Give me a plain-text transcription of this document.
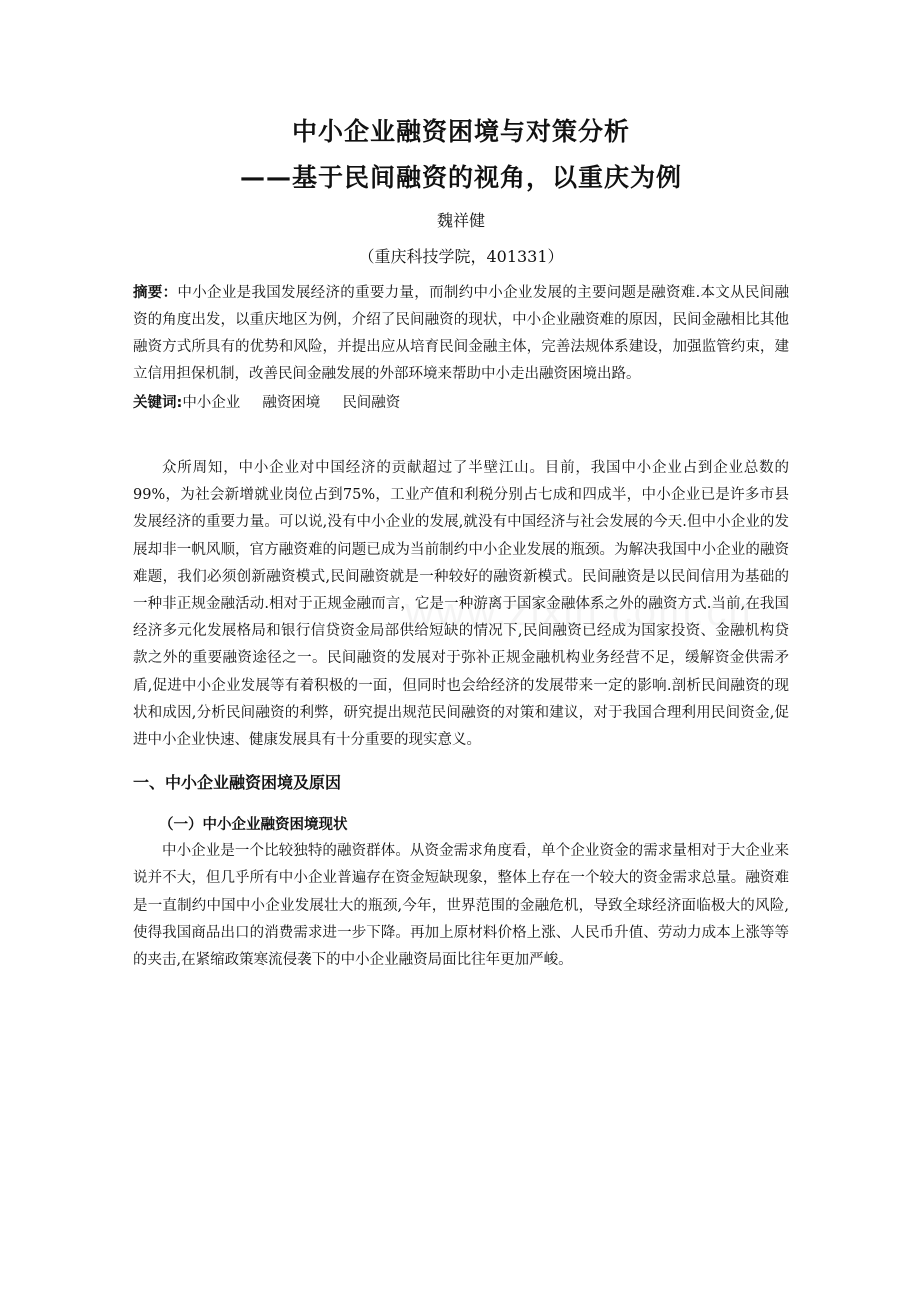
中小企业融资困境与对策分析
——基于民间融资的视角，以重庆为例
魏祥健
（重庆科技学院，401331）

摘要：中小企业是我国发展经济的重要力量，而制约中小企业发展的主要问题是融资难.本文从民间融资的角度出发，以重庆地区为例，介绍了民间融资的现状，中小企业融资难的原因，民间金融相比其他融资方式所具有的优势和风险，并提出应从培育民间金融主体，完善法规体系建设，加强监管约束，建立信用担保机制，改善民间金融发展的外部环境来帮助中小走出融资困境出路。

关键词:中小企业 融资困境 民间融资

众所周知，中小企业对中国经济的贡献超过了半壁江山。目前，我国中小企业占到企业总数的99%，为社会新增就业岗位占到75%，工业产值和利税分别占七成和四成半，中小企业已是许多市县发展经济的重要力量。可以说,没有中小企业的发展,就没有中国经济与社会发展的今天.但中小企业的发展却非一帆风顺，官方融资难的问题已成为当前制约中小企业发展的瓶颈。为解决我国中小企业的融资难题，我们必须创新融资模式,民间融资就是一种较好的融资新模式。民间融资是以民间信用为基础的一种非正规金融活动.相对于正规金融而言，它是一种游离于国家金融体系之外的融资方式.当前,在我国经济多元化发展格局和银行信贷资金局部供给短缺的情况下,民间融资已经成为国家投资、金融机构贷款之外的重要融资途径之一。民间融资的发展对于弥补正规金融机构业务经营不足，缓解资金供需矛盾,促进中小企业发展等有着积极的一面，但同时也会给经济的发展带来一定的影响.剖析民间融资的现状和成因,分析民间融资的利弊，研究提出规范民间融资的对策和建议，对于我国合理利用民间资金,促进中小企业快速、健康发展具有十分重要的现实意义。

一、中小企业融资困境及原因
（一）中小企业融资困境现状

中小企业是一个比较独特的融资群体。从资金需求角度看，单个企业资金的需求量相对于大企业来说并不大，但几乎所有中小企业普遍存在资金短缺现象，整体上存在一个较大的资金需求总量。融资难是一直制约中国中小企业发展壮大的瓶颈,今年，世界范围的金融危机，导致全球经济面临极大的风险,使得我国商品出口的消费需求进一步下降。再加上原材料价格上涨、人民币升值、劳动力成本上涨等等的夹击,在紧缩政策寒流侵袭下的中小企业融资局面比往年更加严峻。
